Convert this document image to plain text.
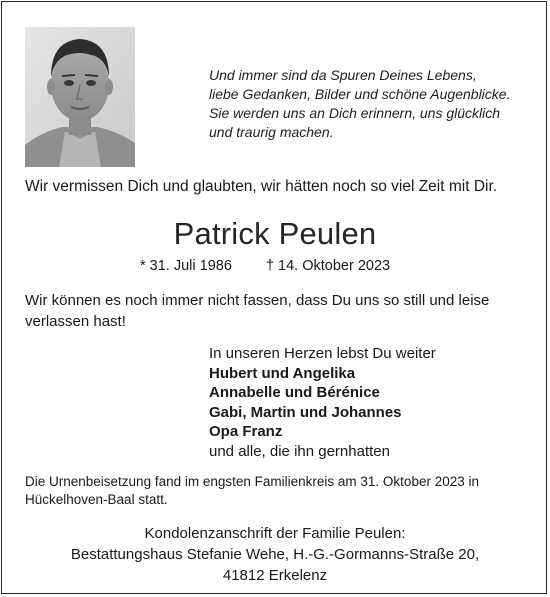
Und immer sind da Spuren Deines Lebens,
liebe Gedanken, Bilder und schöne Augenblicke.
Sie werden uns an Dich erinnern, uns glücklich
und traurig machen.
Wir vermissen Dich und glaubten, wir hätten noch so viel Zeit mit Dir.
Patrick Peulen
* 31. Juli 1986 † 14. Oktober 2023
Wir können es noch immer nicht fassen, dass Du uns so still und leise
verlassen hast!
In unseren Herzen lebst Du weiter
Hubert und Angelika
Annabelle und Bérénice
Gabi, Martin und Johannes
Opa Franz
und alle, die ihn gernhatten
Die Urnenbeisetzung fand im engsten Familienkreis am 31. Oktober 2023 in
Hückelhoven-Baal statt.
Kondolenzanschrift der Familie Peulen:
Bestattungshaus Stefanie Wehe, H.-G.-Gormanns-Straße 20,
41812 Erkelenz
